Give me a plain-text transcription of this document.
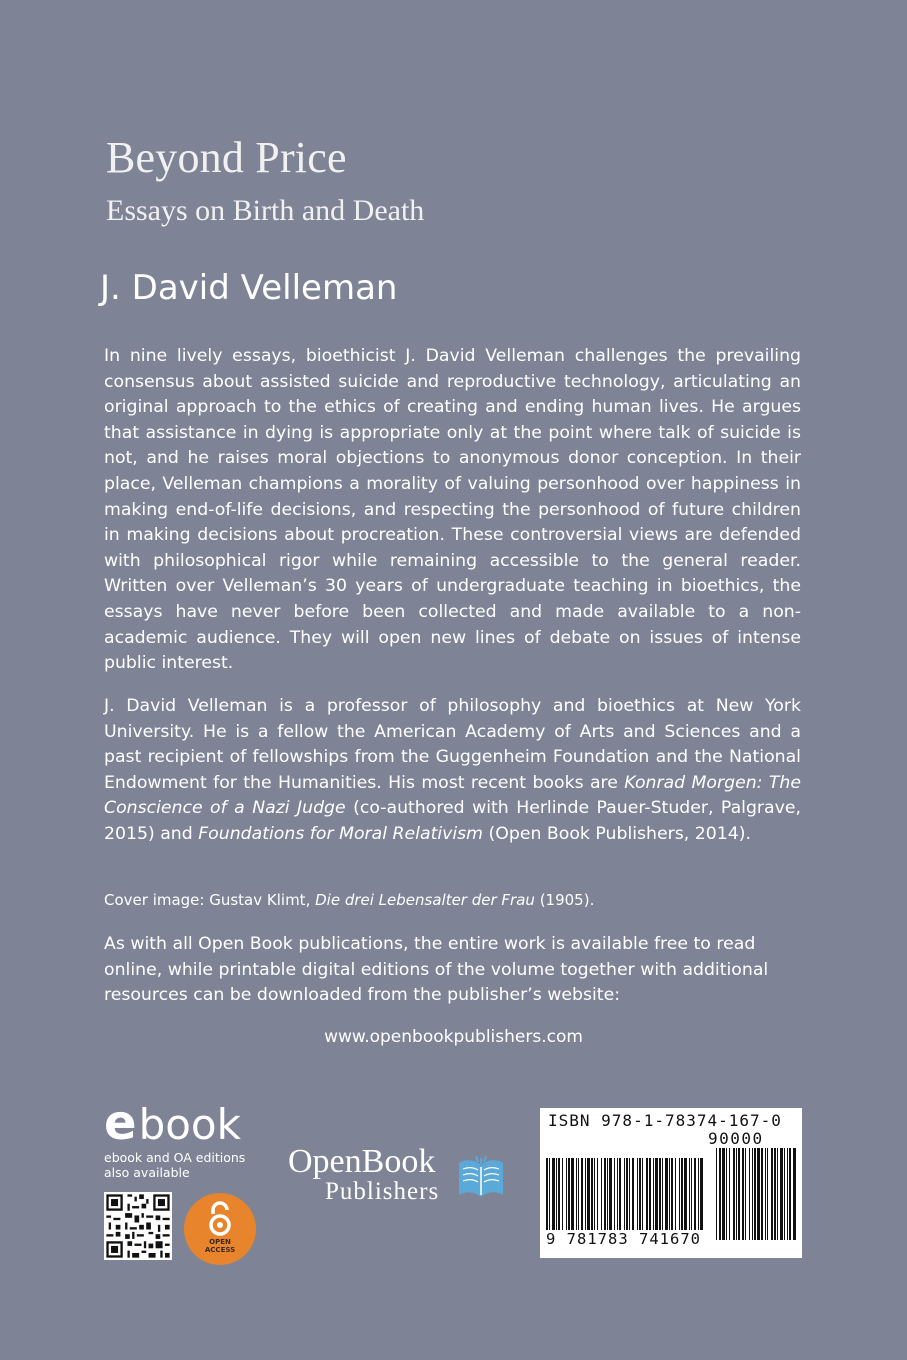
Beyond Price
Essays on Birth and Death
J. David Velleman

In nine lively essays, bioethicist J. David Velleman challenges the prevailing consensus about assisted suicide and reproductive technology, articulating an original approach to the ethics of creating and ending human lives. He argues that assistance in dying is appropriate only at the point where talk of suicide is not, and he raises moral objections to anonymous donor conception. In their place, Velleman champions a morality of valuing personhood over happiness in making end-of-life decisions, and respecting the personhood of future children in making decisions about procreation. These controversial views are defended with philosophical rigor while remaining accessible to the general reader. Written over Velleman’s 30 years of undergraduate teaching in bioethics, the essays have never before been collected and made available to a non-academic audience. They will open new lines of debate on issues of intense public interest.

J. David Velleman is a professor of philosophy and bioethics at New York University. He is a fellow the American Academy of Arts and Sciences and a past recipient of fellowships from the Guggenheim Foundation and the National Endowment for the Humanities. His most recent books are Konrad Morgen: The Conscience of a Nazi Judge (co-authored with Herlinde Pauer-Studer, Palgrave, 2015) and Foundations for Moral Relativism (Open Book Publishers, 2014).

Cover image: Gustav Klimt, Die drei Lebensalter der Frau (1905).

As with all Open Book publications, the entire work is available free to read online, while printable digital editions of the volume together with additional resources can be downloaded from the publisher’s website:

www.openbookpublishers.com

ebook
ebook and OA editions
also available
OPEN
ACCESS
OpenBook
Publishers

ISBN 978-1-78374-167-0

90000

9 781783 741670
